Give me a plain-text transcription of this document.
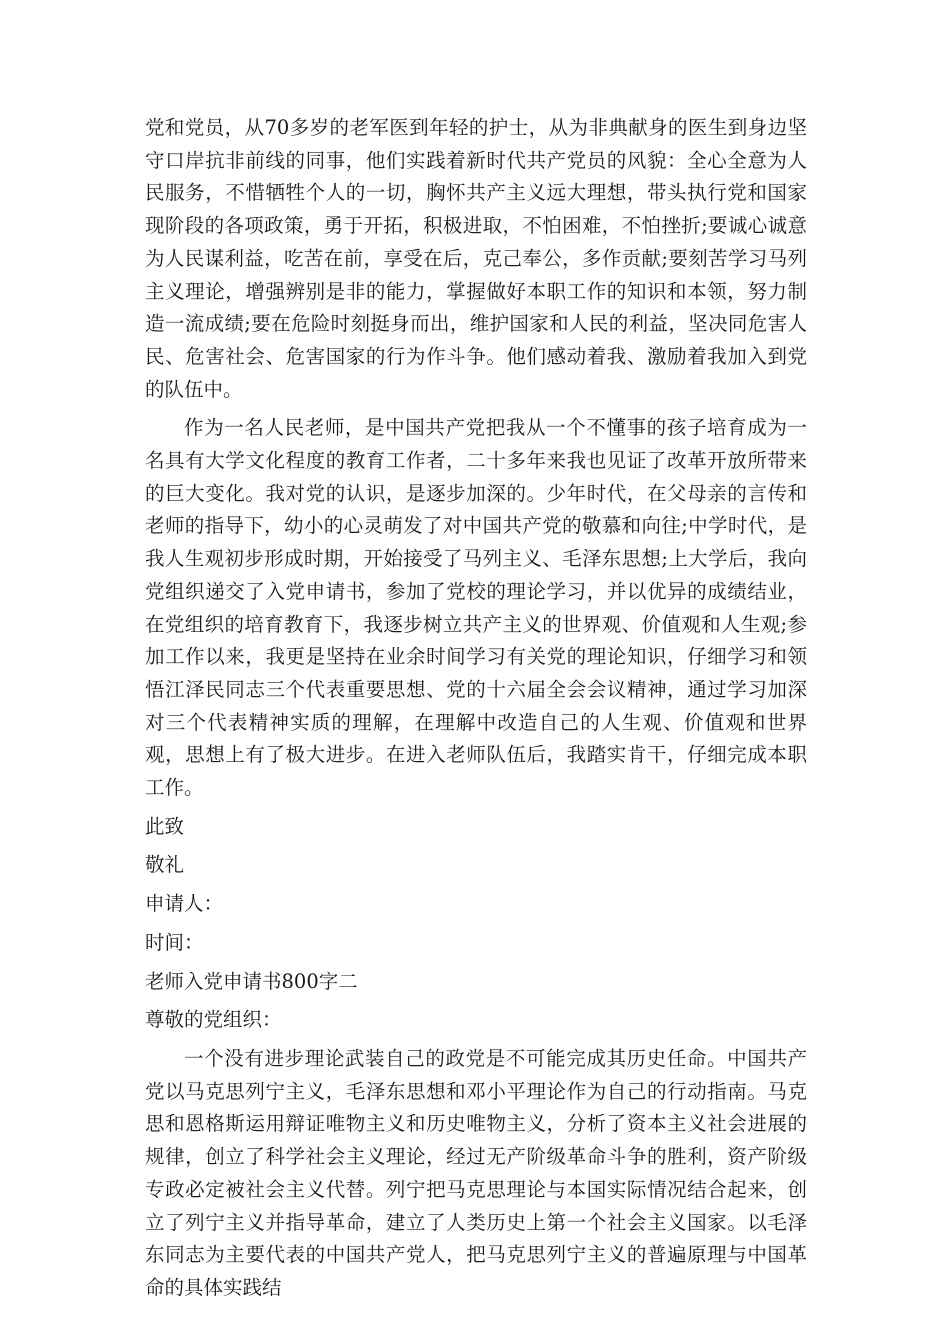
党和党员，从70多岁的老军医到年轻的护士，从为非典献身的医生到身边坚守口岸抗非前线的同事，他们实践着新时代共产党员的风貌：全心全意为人民服务，不惜牺牲个人的一切，胸怀共产主义远大理想，带头执行党和国家现阶段的各项政策，勇于开拓，积极进取，不怕困难，不怕挫折;要诚心诚意为人民谋利益，吃苦在前，享受在后，克己奉公，多作贡献;要刻苦学习马列主义理论，增强辨别是非的能力，掌握做好本职工作的知识和本领，努力制造一流成绩;要在危险时刻挺身而出，维护国家和人民的利益，坚决同危害人民、危害社会、危害国家的行为作斗争。他们感动着我、激励着我加入到党的队伍中。

作为一名人民老师，是中国共产党把我从一个不懂事的孩子培育成为一名具有大学文化程度的教育工作者，二十多年来我也见证了改革开放所带来的巨大变化。我对党的认识，是逐步加深的。少年时代，在父母亲的言传和老师的指导下，幼小的心灵萌发了对中国共产党的敬慕和向往;中学时代，是我人生观初步形成时期，开始接受了马列主义、毛泽东思想;上大学后，我向党组织递交了入党申请书，参加了党校的理论学习，并以优异的成绩结业，在党组织的培育教育下，我逐步树立共产主义的世界观、价值观和人生观;参加工作以来，我更是坚持在业余时间学习有关党的理论知识，仔细学习和领悟江泽民同志三个代表重要思想、党的十六届全会会议精神，通过学习加深对三个代表精神实质的理解，在理解中改造自己的人生观、价值观和世界观，思想上有了极大进步。在进入老师队伍后，我踏实肯干，仔细完成本职工作。

此致

敬礼

申请人：

时间：

老师入党申请书800字二

尊敬的党组织：

一个没有进步理论武装自己的政党是不可能完成其历史任命。中国共产党以马克思列宁主义，毛泽东思想和邓小平理论作为自己的行动指南。马克思和恩格斯运用辩证唯物主义和历史唯物主义，分析了资本主义社会进展的规律，创立了科学社会主义理论，经过无产阶级革命斗争的胜利，资产阶级专政必定被社会主义代替。列宁把马克思理论与本国实际情况结合起来，创立了列宁主义并指导革命，建立了人类历史上第一个社会主义国家。以毛泽东同志为主要代表的中国共产党人，把马克思列宁主义的普遍原理与中国革命的具体实践结
